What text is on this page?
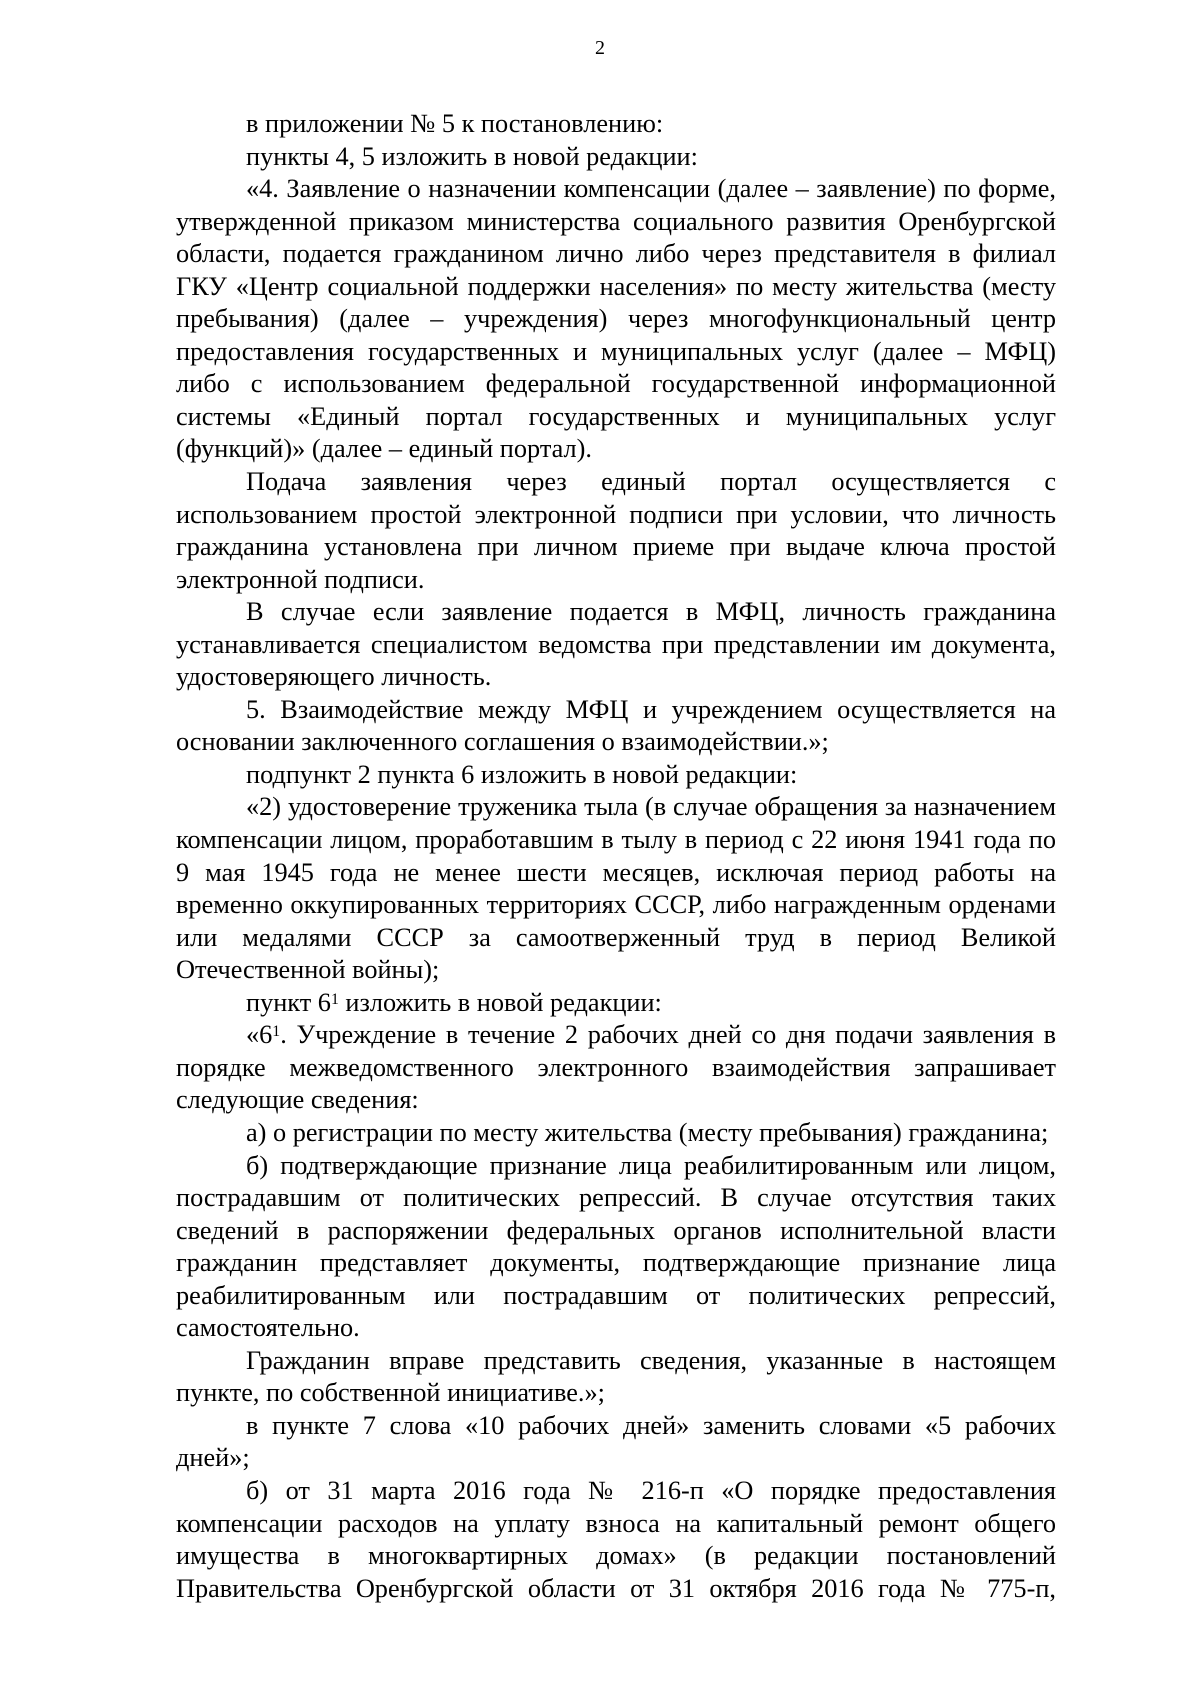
2

в приложении № 5 к постановлению:

пункты 4, 5 изложить в новой редакции:

«4. Заявление о назначении компенсации (далее – заявление) по форме, утвержденной приказом министерства социального развития Оренбургской области, подается гражданином лично либо через представителя в филиал ГКУ «Центр социальной поддержки населения» по месту жительства (месту пребывания) (далее – учреждения) через многофункциональный центр предоставления государственных и муниципальных услуг (далее – МФЦ) либо с использованием федеральной государственной информационной системы «Единый портал государственных и муниципальных услуг (функций)» (далее – единый портал).

Подача заявления через единый портал осуществляется с использованием простой электронной подписи при условии, что личность гражданина установлена при личном приеме при выдаче ключа простой электронной подписи.

В случае если заявление подается в МФЦ, личность гражданина устанавливается специалистом ведомства при представлении им документа, удостоверяющего личность.

5. Взаимодействие между МФЦ и учреждением осуществляется на основании заключенного соглашения о взаимодействии.»;

подпункт 2 пункта 6 изложить в новой редакции:

«2) удостоверение труженика тыла (в случае обращения за назначением компенсации лицом, проработавшим в тылу в период с 22 июня 1941 года по 9 мая 1945 года не менее шести месяцев, исключая период работы на временно оккупированных территориях СССР, либо награжденным орденами или медалями СССР за самоотверженный труд в период Великой Отечественной войны);

пункт $6^1$ изложить в новой редакции:

«$6^1$. Учреждение в течение 2 рабочих дней со дня подачи заявления в порядке межведомственного электронного взаимодействия запрашивает следующие сведения:

а) о регистрации по месту жительства (месту пребывания) гражданина;

б) подтверждающие признание лица реабилитированным или лицом, пострадавшим от политических репрессий. В случае отсутствия таких сведений в распоряжении федеральных органов исполнительной власти гражданин представляет документы, подтверждающие признание лица реабилитированным или пострадавшим от политических репрессий, самостоятельно.

Гражданин вправе представить сведения, указанные в настоящем пункте, по собственной инициативе.»;

в пункте 7 слова «10 рабочих дней» заменить словами «5 рабочих дней»;

б) от 31 марта 2016 года № 216-п «О порядке предоставления компенсации расходов на уплату взноса на капитальный ремонт общего имущества в многоквартирных домах» (в редакции постановлений Правительства Оренбургской области от 31 октября 2016 года № 775-п,
